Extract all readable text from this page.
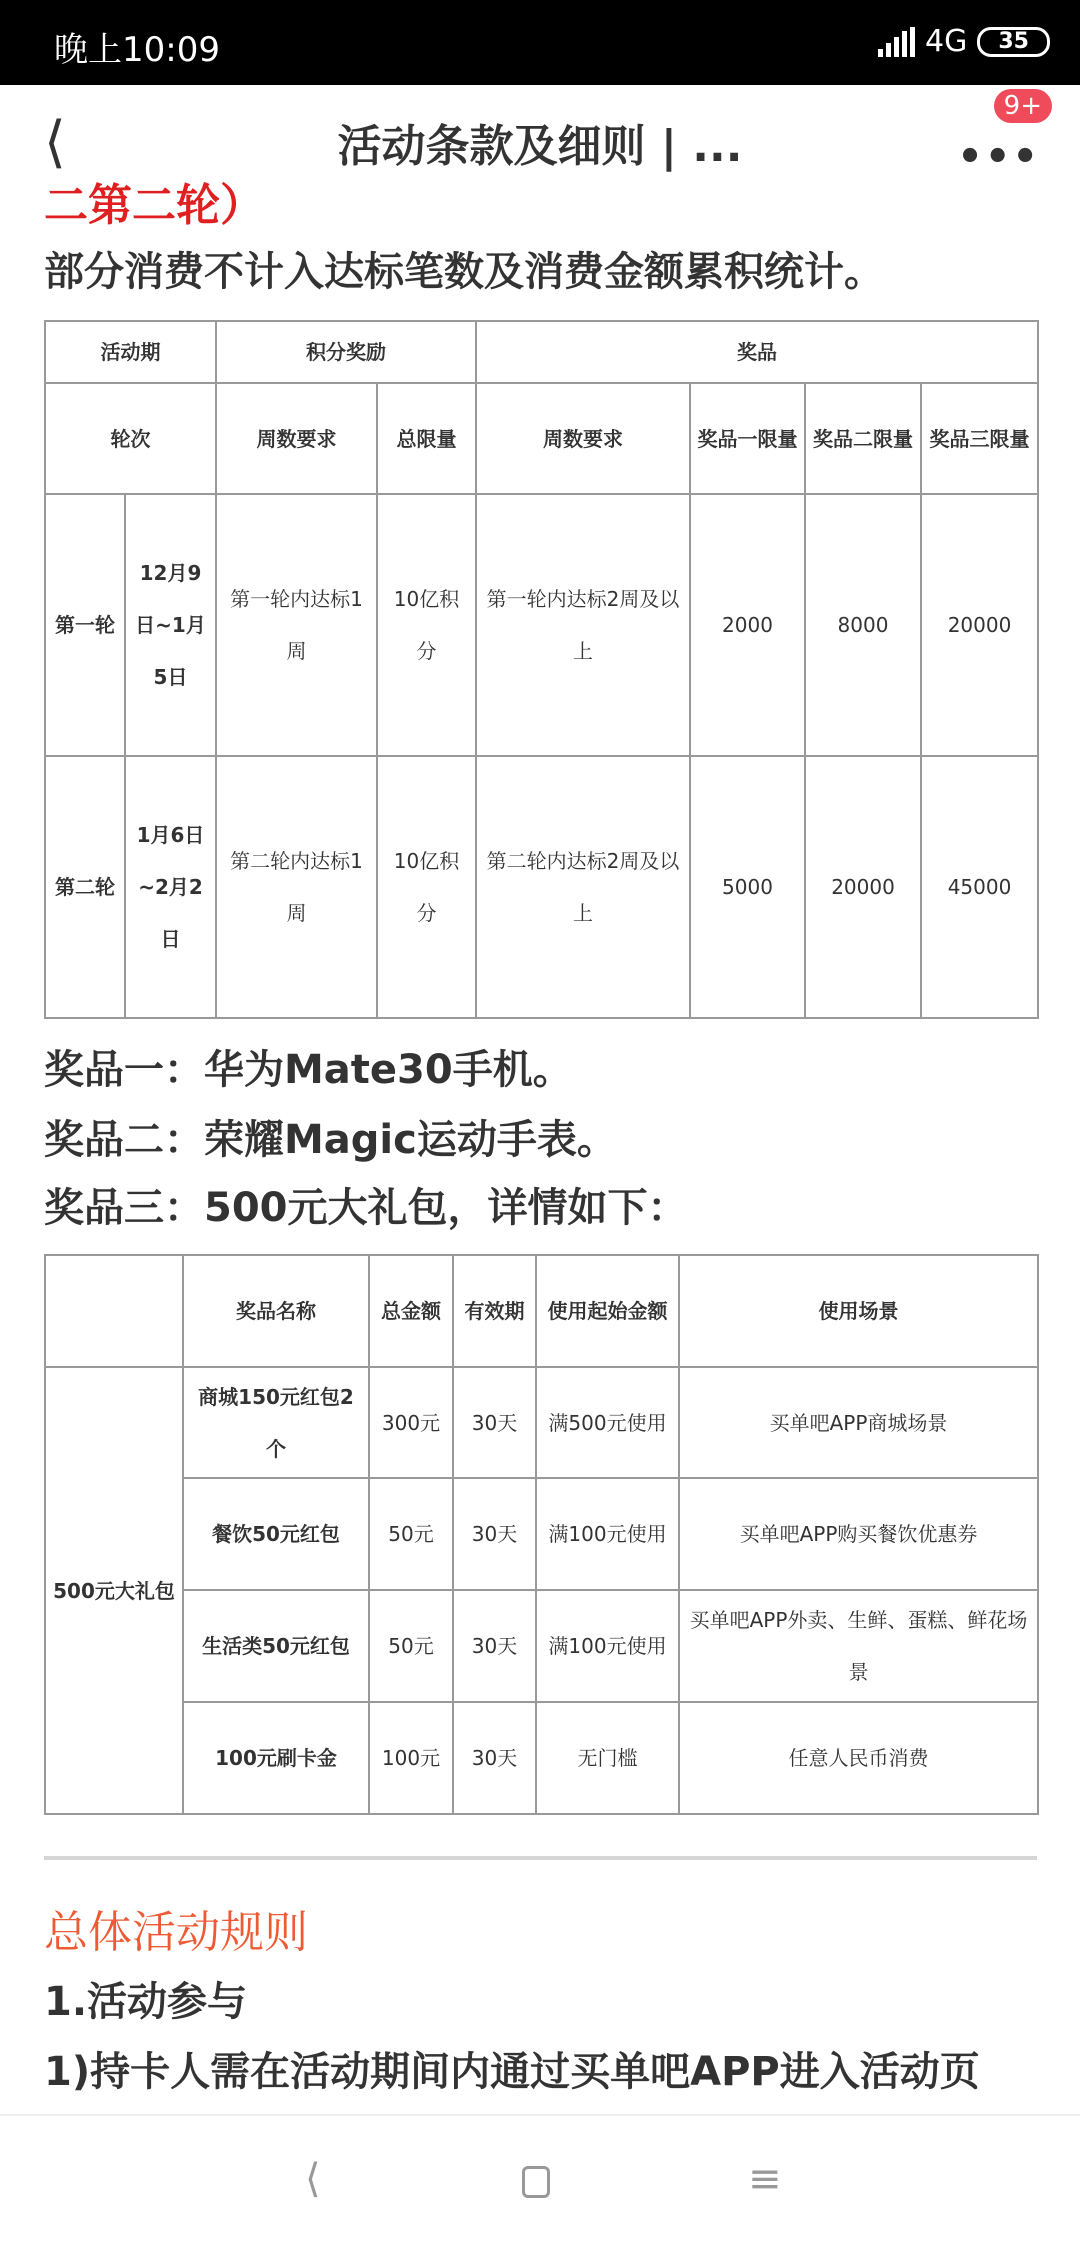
晚上10:09	4G	35
⟨	活动条款及细则 | ...	•••
9+
二第二轮）
部分消费不计入达标笔数及消费金额累积统计。
活动期		积分奖励		奖品			
轮次		周数要求	总限量	周数要求	奖品一限量	奖品二限量	奖品三限量
第一轮	12月9日~1月5日	第一轮内达标1周	10亿积分	第一轮内达标2周及以上	2000	8000	20000
第二轮	1月6日~2月2日	第二轮内达标1周	10亿积分	第二轮内达标2周及以上	5000	20000	45000
奖品一：华为Mate30手机。
奖品二：荣耀Magic运动手表。
奖品三：500元大礼包，详情如下：
	奖品名称	总金额	有效期	使用起始金额	使用场景
500元大礼包	商城150元红包2个	300元	30天	满500元使用	买单吧APP商城场景
	餐饮50元红包	50元	30天	满100元使用	买单吧APP购买餐饮优惠券
	生活类50元红包	50元	30天	满100元使用	买单吧APP外卖、生鲜、蛋糕、鲜花场景
	100元刷卡金	100元	30天	无门槛	任意人民币消费
总体活动规则
1.活动参与
1)持卡人需在活动期间内通过买单吧APP进入活动页
⟨	≡
